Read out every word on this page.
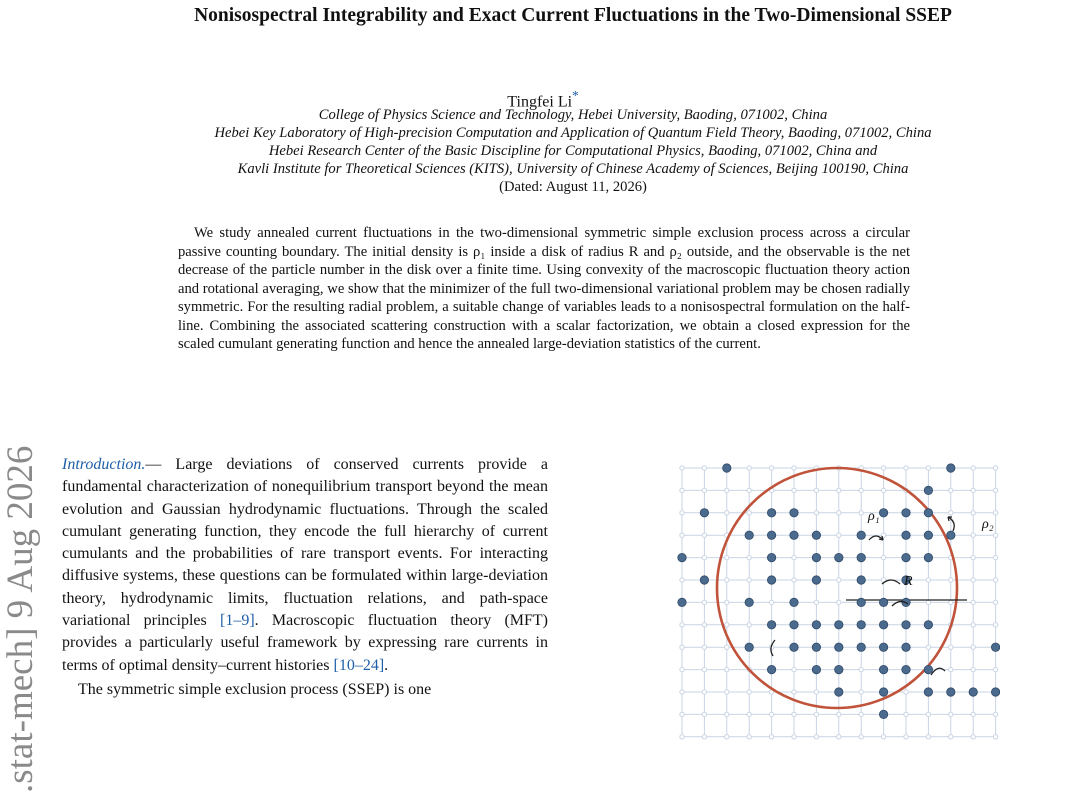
Nonisospectral Integrability and Exact Current Fluctuations in the Two-Dimensional SSEP
Tingfei Li*
College of Physics Science and Technology, Hebei University, Baoding, 071002, China
Hebei Key Laboratory of High-precision Computation and Application of Quantum Field Theory, Baoding, 071002, China
Hebei Research Center of the Basic Discipline for Computational Physics, Baoding, 071002, China and
Kavli Institute for Theoretical Sciences (KITS), University of Chinese Academy of Sciences, Beijing 100190, China
(Dated: August 11, 2026)
We study annealed current fluctuations in the two-dimensional symmetric simple exclusion process across a circular passive counting boundary. The initial density is ρ₁ inside a disk of radius R and ρ₂ outside, and the observable is the net decrease of the particle number in the disk over a finite time. Using convexity of the macroscopic fluctuation theory action and rotational averaging, we show that the minimizer of the full two-dimensional variational problem may be chosen radially symmetric. For the resulting radial problem, a suitable change of variables leads to a nonisospectral formulation on the half-line. Combining the associated scattering construction with a scalar factorization, we obtain a closed expression for the scaled cumulant generating function and hence the annealed large-deviation statistics of the current.
.stat-mech] 9 Aug 2026	Introduction.— Large deviations of conserved currents provide a fundamental characterization of nonequilibrium transport beyond the mean evolution and Gaussian hydrodynamic fluctuations. Through the scaled cumulant generating function, they encode the full hierarchy of current cumulants and the probabilities of rare transport events. For interacting diffusive systems, these questions can be formulated within large-deviation theory, hydrodynamic limits, fluctuation relations, and path-space variational principles [1–9]. Macroscopic fluctuation theory (MFT) provides a particularly useful framework by expressing rare currents in terms of optimal density–current histories [10–24].

The symmetric simple exclusion process (SSEP) is one

ρ₁
ρ₂
R
